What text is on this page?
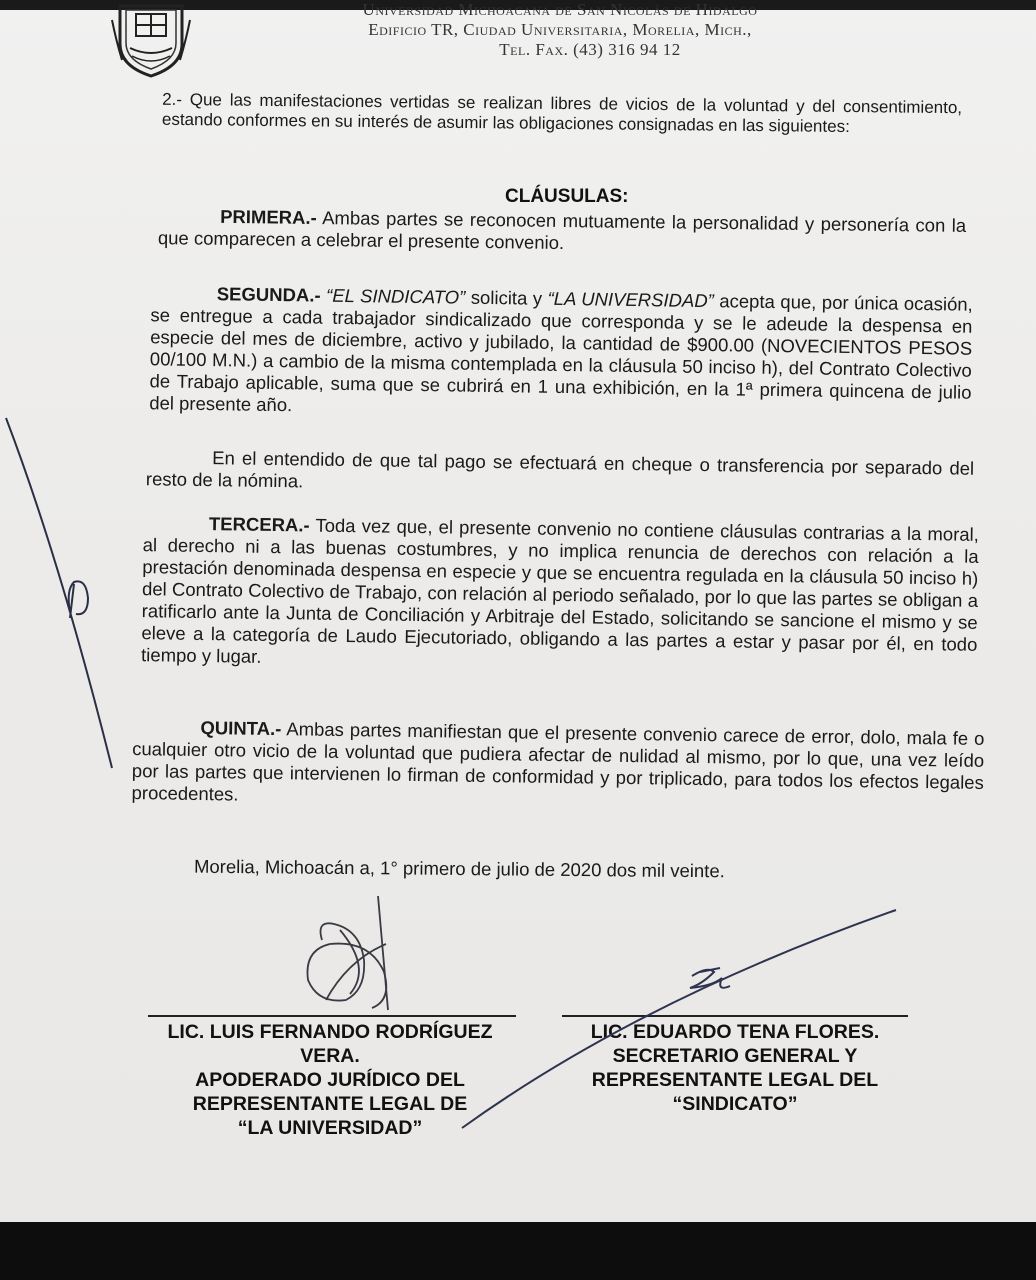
Universidad Michoacana de San Nicolás de Hidalgo
Edificio TR, Ciudad Universitaria, Morelia, Mich.,
Tel. Fax. (43) 316 94 12
2.- Que las manifestaciones vertidas se realizan libres de vicios de la voluntad y del consentimiento, estando conformes en su interés de asumir las obligaciones consignadas en las siguientes:
CLÁUSULAS:
PRIMERA.- Ambas partes se reconocen mutuamente la personalidad y personería con la que comparecen a celebrar el presente convenio.
SEGUNDA.- “EL SINDICATO” solicita y “LA UNIVERSIDAD” acepta que, por única ocasión, se entregue a cada trabajador sindicalizado que corresponda y se le adeude la despensa en especie del mes de diciembre, activo y jubilado, la cantidad de $900.00 (NOVECIENTOS PESOS 00/100 M.N.) a cambio de la misma contemplada en la cláusula 50 inciso h), del Contrato Colectivo de Trabajo aplicable, suma que se cubrirá en 1 una exhibición, en la 1ª primera quincena de julio del presente año.
En el entendido de que tal pago se efectuará en cheque o transferencia por separado del resto de la nómina.
TERCERA.- Toda vez que, el presente convenio no contiene cláusulas contrarias a la moral, al derecho ni a las buenas costumbres, y no implica renuncia de derechos con relación a la prestación denominada despensa en especie y que se encuentra regulada en la cláusula 50 inciso h) del Contrato Colectivo de Trabajo, con relación al periodo señalado, por lo que las partes se obligan a ratificarlo ante la Junta de Conciliación y Arbitraje del Estado, solicitando se sancione el mismo y se eleve a la categoría de Laudo Ejecutoriado, obligando a las partes a estar y pasar por él, en todo tiempo y lugar.
QUINTA.- Ambas partes manifiestan que el presente convenio carece de error, dolo, mala fe o cualquier otro vicio de la voluntad que pudiera afectar de nulidad al mismo, por lo que, una vez leído por las partes que intervienen lo firman de conformidad y por triplicado, para todos los efectos legales procedentes.
Morelia, Michoacán a, 1° primero de julio de 2020 dos mil veinte.
LIC. LUIS FERNANDO RODRÍGUEZ
VERA.
APODERADO JURÍDICO DEL
REPRESENTANTE LEGAL DE
“LA UNIVERSIDAD”
LIC. EDUARDO TENA FLORES.
SECRETARIO GENERAL Y
REPRESENTANTE LEGAL DEL
“SINDICATO”
